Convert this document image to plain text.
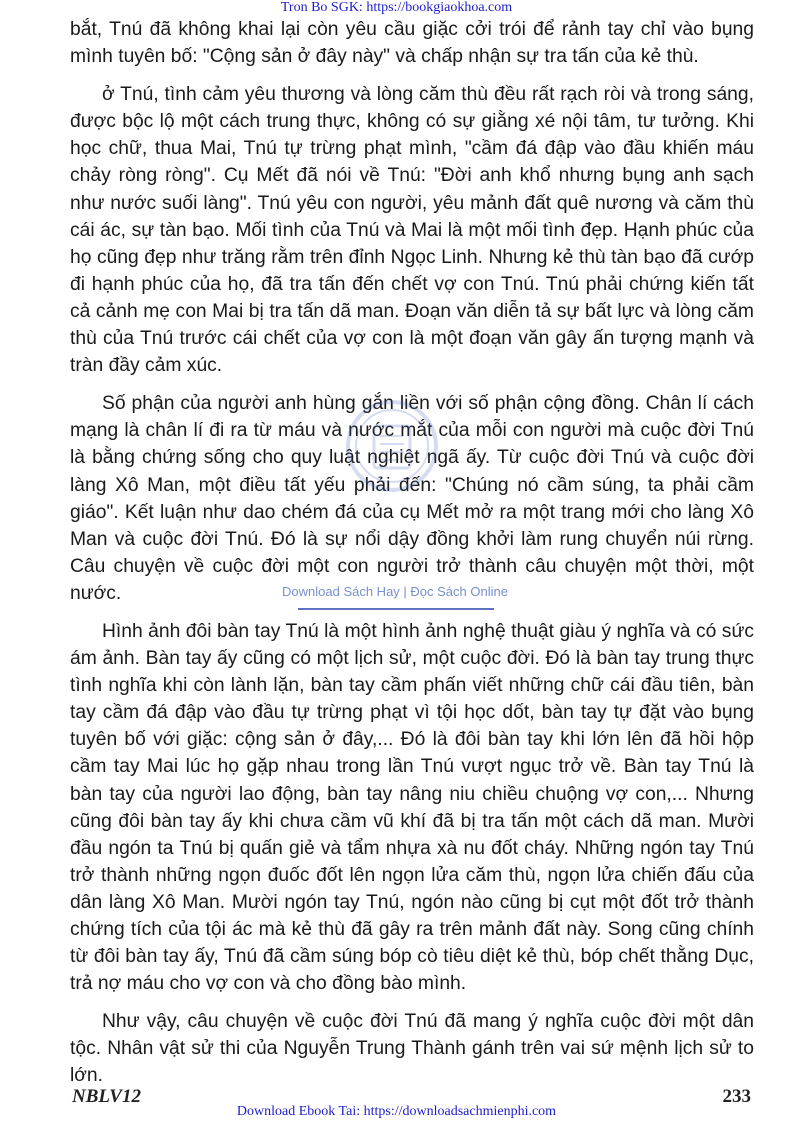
Tron Bo SGK: https://bookgiaokhoa.com

bắt, Tnú đã không khai lại còn yêu cầu giặc cởi trói để rảnh tay chỉ vào bụng mình tuyên bố: "Cộng sản ở đây này" và chấp nhận sự tra tấn của kẻ thù.

ở Tnú, tình cảm yêu thương và lòng căm thù đều rất rạch ròi và trong sáng, được bộc lộ một cách trung thực, không có sự giằng xé nội tâm, tư tưởng. Khi học chữ, thua Mai, Tnú tự trừng phạt mình, "cầm đá đập vào đầu khiến máu chảy ròng ròng". Cụ Mết đã nói về Tnú: "Đời anh khổ nhưng bụng anh sạch như nước suối làng". Tnú yêu con người, yêu mảnh đất quê nương và căm thù cái ác, sự tàn bạo. Mối tình của Tnú và Mai là một mối tình đẹp. Hạnh phúc của họ cũng đẹp như trăng rằm trên đỉnh Ngọc Linh. Nhưng kẻ thù tàn bạo đã cướp đi hạnh phúc của họ, đã tra tấn đến chết vợ con Tnú. Tnú phải chứng kiến tất cả cảnh mẹ con Mai bị tra tấn dã man. Đoạn văn diễn tả sự bất lực và lòng căm thù của Tnú trước cái chết của vợ con là một đoạn văn gây ấn tượng mạnh và tràn đầy cảm xúc.

Số phận của người anh hùng gắn liền với số phận cộng đồng. Chân lí cách mạng là chân lí đi ra từ máu và nước mắt của mỗi con người mà cuộc đời Tnú là bằng chứng sống cho quy luật nghiệt ngã ấy. Từ cuộc đời Tnú và cuộc đời làng Xô Man, một điều tất yếu phải đến: "Chúng nó cầm súng, ta phải cầm giáo". Kết luận như dao chém đá của cụ Mết mở ra một trang mới cho làng Xô Man và cuộc đời Tnú. Đó là sự nổi dậy đồng khởi làm rung chuyển núi rừng. Câu chuyện về cuộc đời một con người trở thành câu chuyện một thời, một nước.

Hình ảnh đôi bàn tay Tnú là một hình ảnh nghệ thuật giàu ý nghĩa và có sức ám ảnh. Bàn tay ấy cũng có một lịch sử, một cuộc đời. Đó là bàn tay trung thực tình nghĩa khi còn lành lặn, bàn tay cầm phấn viết những chữ cái đầu tiên, bàn tay cầm đá đập vào đầu tự trừng phạt vì tội học dốt, bàn tay tự đặt vào bụng tuyên bố với giặc: cộng sản ở đây,... Đó là đôi bàn tay khi lớn lên đã hồi hộp cầm tay Mai lúc họ gặp nhau trong lần Tnú vượt ngục trở về. Bàn tay Tnú là bàn tay của người lao động, bàn tay nâng niu chiều chuộng vợ con,... Nhưng cũng đôi bàn tay ấy khi chưa cầm vũ khí đã bị tra tấn một cách dã man. Mười đầu ngón ta Tnú bị quấn giẻ và tẩm nhựa xà nu đốt cháy. Những ngón tay Tnú trở thành những ngọn đuốc đốt lên ngọn lửa căm thù, ngọn lửa chiến đấu của dân làng Xô Man. Mười ngón tay Tnú, ngón nào cũng bị cụt một đốt trở thành chứng tích của tội ác mà kẻ thù đã gây ra trên mảnh đất này. Song cũng chính từ đôi bàn tay ấy, Tnú đã cầm súng bóp cò tiêu diệt kẻ thù, bóp chết thằng Dục, trả nợ máu cho vợ con và cho đồng bào mình.

Như vậy, câu chuyện về cuộc đời Tnú đã mang ý nghĩa cuộc đời một dân tộc. Nhân vật sử thi của Nguyễn Trung Thành gánh trên vai sứ mệnh lịch sử to lớn.

Download Sách Hay | Đọc Sách Online
NBLV12	233
Download Ebook Tai: https://downloadsachmienphi.com
